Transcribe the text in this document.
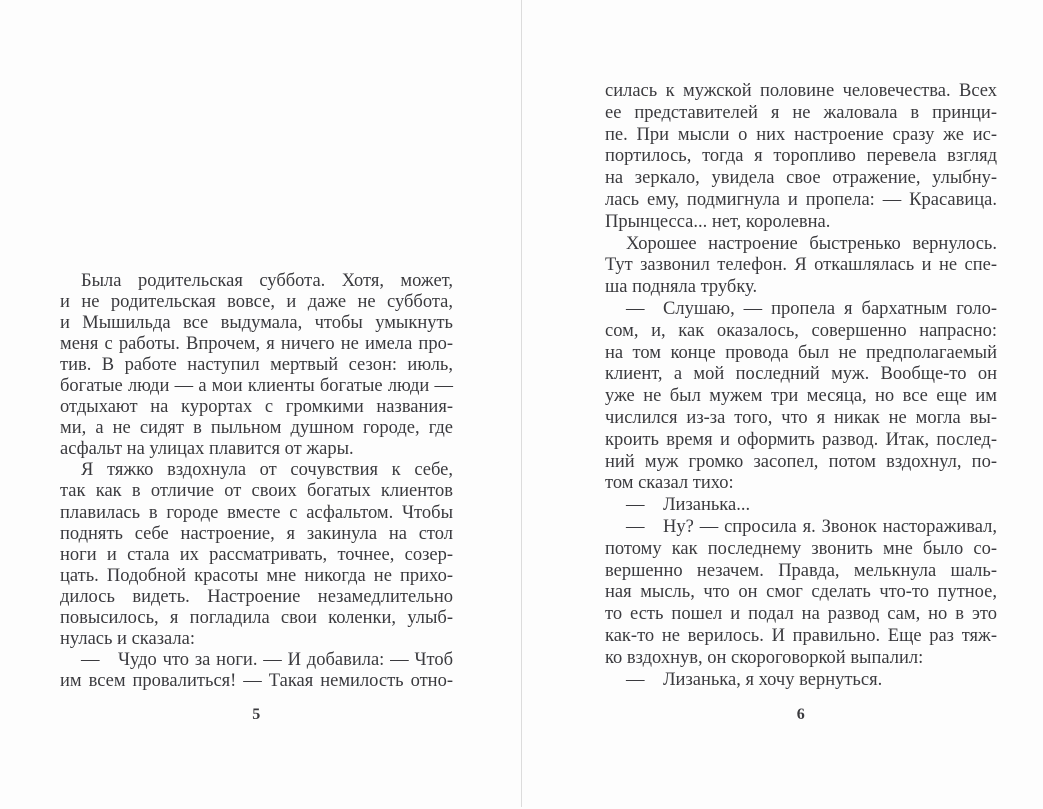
Была родительская суббота. Хотя, может,
и не родительская вовсе, и даже не суббота,
и Мышильда все выдумала, чтобы умыкнуть
меня с работы. Впрочем, я ничего не имела про-
тив. В работе наступил мертвый сезон: июль,
богатые люди — а мои клиенты богатые люди —
отдыхают на курортах с громкими названия-
ми, а не сидят в пыльном душном городе, где
асфальт на улицах плавится от жары.
Я тяжко вздохнула от сочувствия к себе,
так как в отличие от своих богатых клиентов
плавилась в городе вместе с асфальтом. Чтобы
поднять себе настроение, я закинула на стол
ноги и стала их рассматривать, точнее, созер-
цать. Подобной красоты мне никогда не прихо-
дилось видеть. Настроение незамедлительно
повысилось, я погладила свои коленки, улыб-
нулась и сказала:
— Чудо что за ноги. — И добавила: — Чтоб
им всем провалиться! — Такая немилость отно-
5
силась к мужской половине человечества. Всех
ее представителей я не жаловала в принци-
пе. При мысли о них настроение сразу же ис-
портилось, тогда я торопливо перевела взгляд
на зеркало, увидела свое отражение, улыбну-
лась ему, подмигнула и пропела: — Красавица.
Прынцесса... нет, королевна.
Хорошее настроение быстренько вернулось.
Тут зазвонил телефон. Я откашлялась и не спе-
ша подняла трубку.
— Слушаю, — пропела я бархатным голо-
сом, и, как оказалось, совершенно напрасно:
на том конце провода был не предполагаемый
клиент, а мой последний муж. Вообще-то он
уже не был мужем три месяца, но все еще им
числился из-за того, что я никак не могла вы-
кроить время и оформить развод. Итак, послед-
ний муж громко засопел, потом вздохнул, по-
том сказал тихо:
— Лизанька...
— Ну? — спросила я. Звонок настораживал,
потому как последнему звонить мне было со-
вершенно незачем. Правда, мелькнула шаль-
ная мысль, что он смог сделать что-то путное,
то есть пошел и подал на развод сам, но в это
как-то не верилось. И правильно. Еще раз тяж-
ко вздохнув, он скороговоркой выпалил:
— Лизанька, я хочу вернуться.
6
